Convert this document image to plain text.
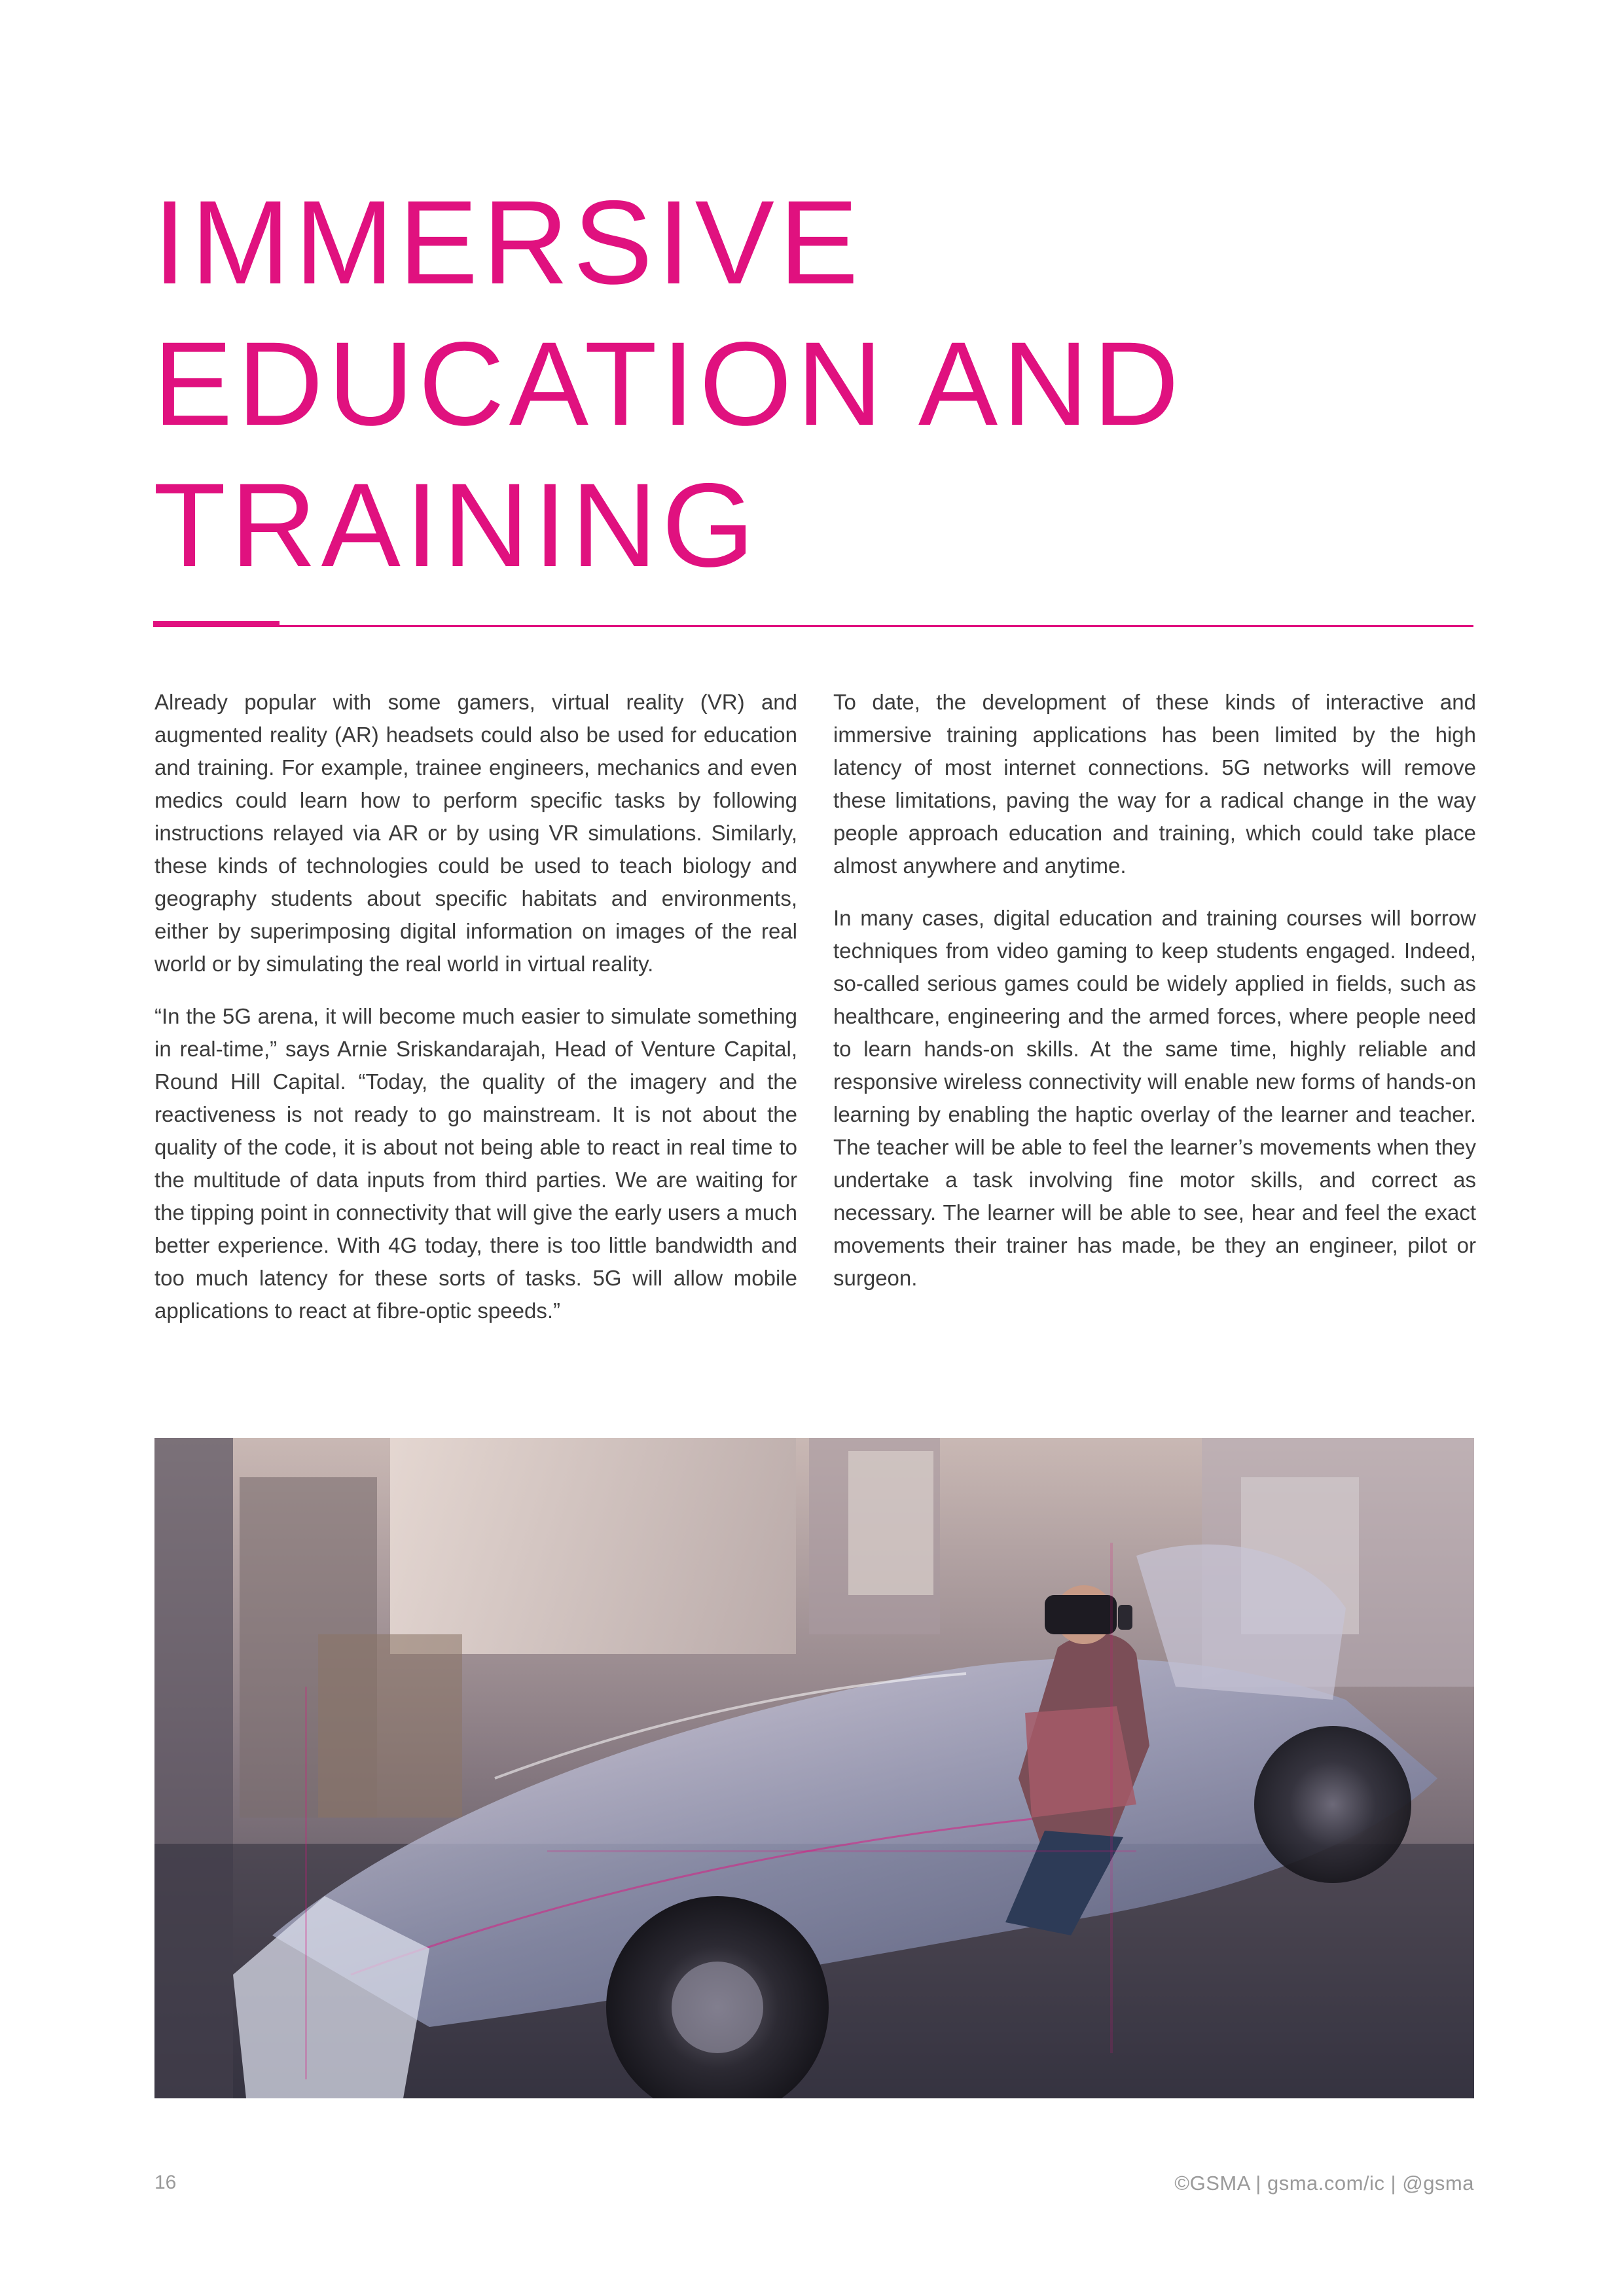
IMMERSIVE
EDUCATION AND
TRAINING

Already popular with some gamers, virtual reality (VR) and augmented reality (AR) headsets could also be used for education and training. For example, trainee engineers, mechanics and even medics could learn how to perform specific tasks by following instructions relayed via AR or by using VR simulations. Similarly, these kinds of technologies could be used to teach biology and geography students about specific habitats and environments, either by superimposing digital information on images of the real world or by simulating the real world in virtual reality.

“In the 5G arena, it will become much easier to simulate something in real-time,” says Arnie Sriskandarajah, Head of Venture Capital, Round Hill Capital. “Today, the quality of the imagery and the reactiveness is not ready to go mainstream. It is not about the quality of the code, it is about not being able to react in real time to the multitude of data inputs from third parties. We are waiting for the tipping point in connectivity that will give the early users a much better experience. With 4G today, there is too little bandwidth and too much latency for these sorts of tasks. 5G will allow mobile applications to react at fibre-optic speeds.”

To date, the development of these kinds of interactive and immersive training applications has been limited by the high latency of most internet connections. 5G networks will remove these limitations, paving the way for a radical change in the way people approach education and training, which could take place almost anywhere and anytime.

In many cases, digital education and training courses will borrow techniques from video gaming to keep students engaged. Indeed, so-called serious games could be widely applied in fields, such as healthcare, engineering and the armed forces, where people need to learn hands-on skills. At the same time, highly reliable and responsive wireless connectivity will enable new forms of hands-on learning by enabling the haptic overlay of the learner and teacher. The teacher will be able to feel the learner’s movements when they undertake a task involving fine motor skills, and correct as necessary. The learner will be able to see, hear and feel the exact movements their trainer has made, be they an engineer, pilot or surgeon.

16	©GSMA | gsma.com/ic | @gsma
